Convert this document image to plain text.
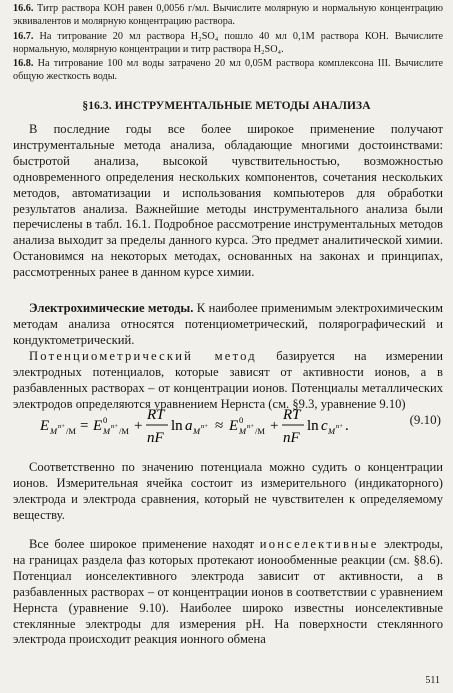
16.6. Титр раствора КОН равен 0,0056 г/мл. Вычислите молярную и нормальную концентрацию эквивалентов и молярную концентрацию раствора.
16.7. На титрование 20 мл раствора H₂SO₄ пошло 40 мл 0,1М раствора КОН. Вычислите нормальную, молярную концентрации и титр раствора H₂SO₄.
16.8. На титрование 100 мл воды затрачено 20 мл 0,05М раствора комплексона III. Вычислите общую жесткость воды.
§16.3. ИНСТРУМЕНТАЛЬНЫЕ МЕТОДЫ АНАЛИЗА
В последние годы все более широкое применение получают инструментальные метода анализа, обладающие многими достоинствами: быстротой анализа, высокой чувствительностью, возможностью одновременного определения нескольких компонентов, сочетания нескольких методов, автоматизации и использования компьютеров для обработки результатов анализа. Важнейшие методы инструментального анализа были перечислены в табл. 16.1. Подробное рассмотрение инструментальных методов анализа выходит за пределы данного курса. Это предмет аналитической химии. Остановимся на некоторых методах, основанных на законах и принципах, рассмотренных ранее в данном курсе химии.
Электрохимические методы. К наиболее применимым электрохимическим методам анализа относятся потенциометрический, полярографический и кондуктометрический.
Потенциометрический метод базируется на измерении электродных потенциалов, которые зависят от активности ионов, а в разбавленных растворах – от концентрации ионов. Потенциалы металлических электродов определяются уравнением Нернста (см. §9.3, уравнение 9.10)
E M n+ /M = E 0
M n+ /M +
RT
nF
ln a M n+ ≈ E 0
M n+ /M +
RT
nF
ln c M n+ .	(9.10)
Соответственно по значению потенциала можно судить о концентрации ионов. Измерительная ячейка состоит из измерительного (индикаторного) электрода и электрода сравнения, который не чувствителен к определяемому веществу.
Все более широкое применение находят ионселективные электроды, на границах раздела фаз которых протекают ионообменные реакции (см. §8.6). Потенциал ионселективного электрода зависит от активности, а в разбавленных растворах – от концентрации ионов в соответствии с уравнением Нернста (уравнение 9.10). Наиболее широко известны ионселективные стеклянные электроды для измерения pH. На поверхности стеклянного электрода происходит реакция ионного обмена
511
